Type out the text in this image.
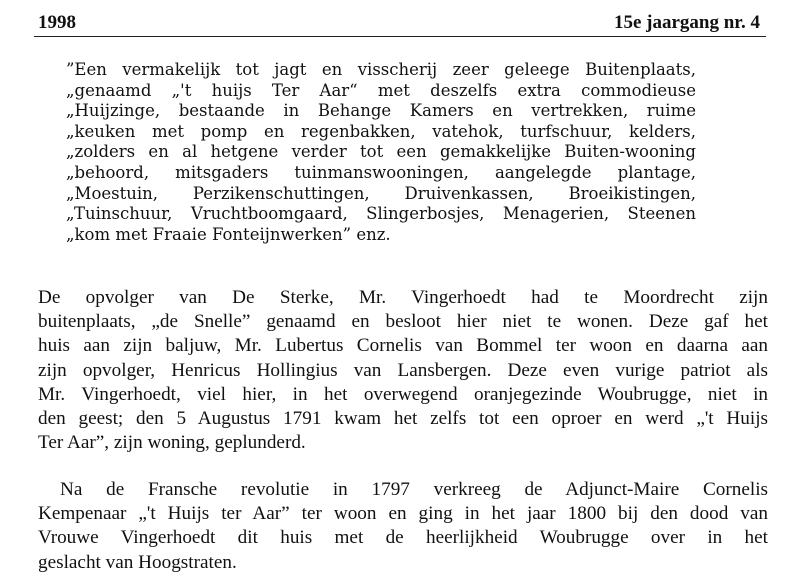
1998	15e jaargang nr. 4
”Een vermakelijk tot jagt en visscherij zeer geleege Buitenplaats,
„genaamd „'t huijs Ter Aar“ met deszelfs extra commodieuse
„Huijzinge, bestaande in Behange Kamers en vertrekken, ruime
„keuken met pomp en regenbakken, vatehok, turfschuur, kelders,
„zolders en al hetgene verder tot een gemakkelijke Buiten-wooning
„behoord, mitsgaders tuinmanswooningen, aangelegde plantage,
„Moestuin, Perzikenschuttingen, Druivenkassen, Broeikistingen,
„Tuinschuur, Vruchtboomgaard, Slingerbosjes, Menagerien, Steenen
„kom met Fraaie Fonteijnwerken” enz.
De opvolger van De Sterke, Mr. Vingerhoedt had te Moordrecht zijn
buitenplaats, „de Snelle” genaamd en besloot hier niet te wonen. Deze gaf het
huis aan zijn baljuw, Mr. Lubertus Cornelis van Bommel ter woon en daarna aan
zijn opvolger, Henricus Hollingius van Lansbergen. Deze even vurige patriot als
Mr. Vingerhoedt, viel hier, in het overwegend oranjegezinde Woubrugge, niet in
den geest; den 5 Augustus 1791 kwam het zelfs tot een oproer en werd „'t Huijs
Ter Aar”, zijn woning, geplunderd.
Na de Fransche revolutie in 1797 verkreeg de Adjunct-Maire Cornelis
Kempenaar „'t Huijs ter Aar” ter woon en ging in het jaar 1800 bij den dood van
Vrouwe Vingerhoedt dit huis met de heerlijkheid Woubrugge over in het
geslacht van Hoogstraten.
